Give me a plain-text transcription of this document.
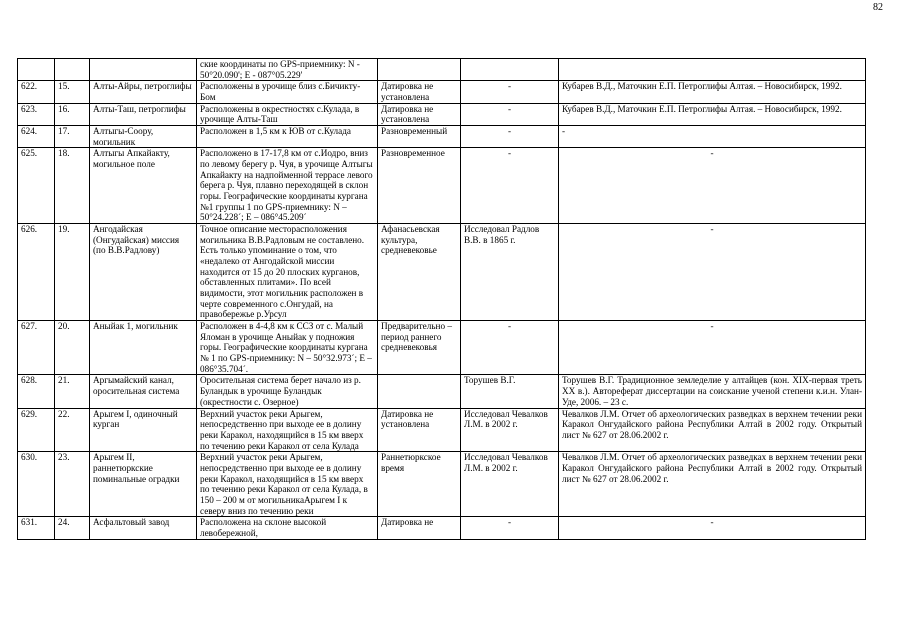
82
			ские координаты по GPS-приемнику: N - 50°20.090'; E - 087°05.229'			
622.	15.	Алты-Айры, петроглифы	Расположены в урочище близ с.Бичикту-Бом	Датировка не установлена	-	Кубарев В.Д., Маточкин Е.П. Петроглифы Алтая. – Новосибирск, 1992.
623.	16.	Алты-Таш, петроглифы	Расположены в окрестностях с.Кулада, в урочище Алты-Таш	Датировка не установлена	-	Кубарев В.Д., Маточкин Е.П. Петроглифы Алтая. – Новосибирск, 1992.
624.	17.	Алтыгы-Соору, могильник	Расположен в 1,5 км к ЮВ от с.Кулада	Разновременный	-	-
625.	18.	Алтыгы Апкайакту, могильное поле	Расположено в 17-17,8 км от с.Иодро, вниз по левому берегу р. Чуя, в урочище Алтыгы Апкайакту на надпойменной террасе левого берега р. Чуя, плавно переходящей в склон горы. Географические координаты кургана №1 группы 1 по GPS-приемнику: N – 50°24.228´; E – 086°45.209´	Разновременное	-	-
626.	19.	Ангодайская (Онгудайская) миссия (по В.В.Радлову)	Точное описание месторасположения могильника В.В.Радловым не составлено. Есть только упоминание о том, что «недалеко от Ангодайской миссии находится от 15 до 20 плоских курганов, обставленных плитами». По всей видимости, этот могильник расположен в черте современного с.Онгудай, на правобережье р.Урсул	Афанасьевская культура, средневековье	Исследовал Радлов В.В. в 1865 г.	-
627.	20.	Аныйак 1, могильник	Расположен в 4-4,8 км к ССЗ от с. Малый Яломан в урочище Аныйак у подножия горы. Географические координаты кургана № 1 по GPS-приемнику: N – 50°32.973´; E – 086°35.704´.	Предварительно –период раннего средневековья	-	-
628.	21.	Аргымайский канал, оросительная система	Оросительная система берет начало из р. Буландык в урочище Буландык (окрестности с. Озерное)		Торушев В.Г.	Торушев В.Г. Традиционное земледелие у алтайцев (кон. XIX-первая треть XX в.). Автореферат диссертации на соискание ученой степени к.и.н. Улан-Уде, 2006. – 23 с.
629.	22.	Арыгем I, одиночный курган	Верхний участок реки Арыгем, непосредственно при выходе ее в долину реки Каракол, находящийся в 15 км вверх по течению реки Каракол от села Кулада	Датировка не установлена	Исследовал Чевалков Л.М. в 2002 г.	Чевалков Л.М. Отчет об археологических разведках в верхнем течении реки Каракол Онгудайского района Республики Алтай в 2002 году. Открытый лист № 627 от 28.06.2002 г.
630.	23.	Арыгем II, раннетюркские поминальные оградки	Верхний участок реки Арыгем, непосредственно при выходе ее в долину реки Каракол, находящийся в 15 км вверх по течению реки Каракол от села Кулада, в 150 – 200 м от могильникаАрыгем I к северу вниз по течению реки	Раннетюркское время	Исследовал Чевалков Л.М. в 2002 г.	Чевалков Л.М. Отчет об археологических разведках в верхнем течении реки Каракол Онгудайского района Республики Алтай в 2002 году. Открытый лист № 627 от 28.06.2002 г.
631.	24.	Асфальтовый завод	Расположена на склоне высокой левобережной,	Датировка не	-	-
